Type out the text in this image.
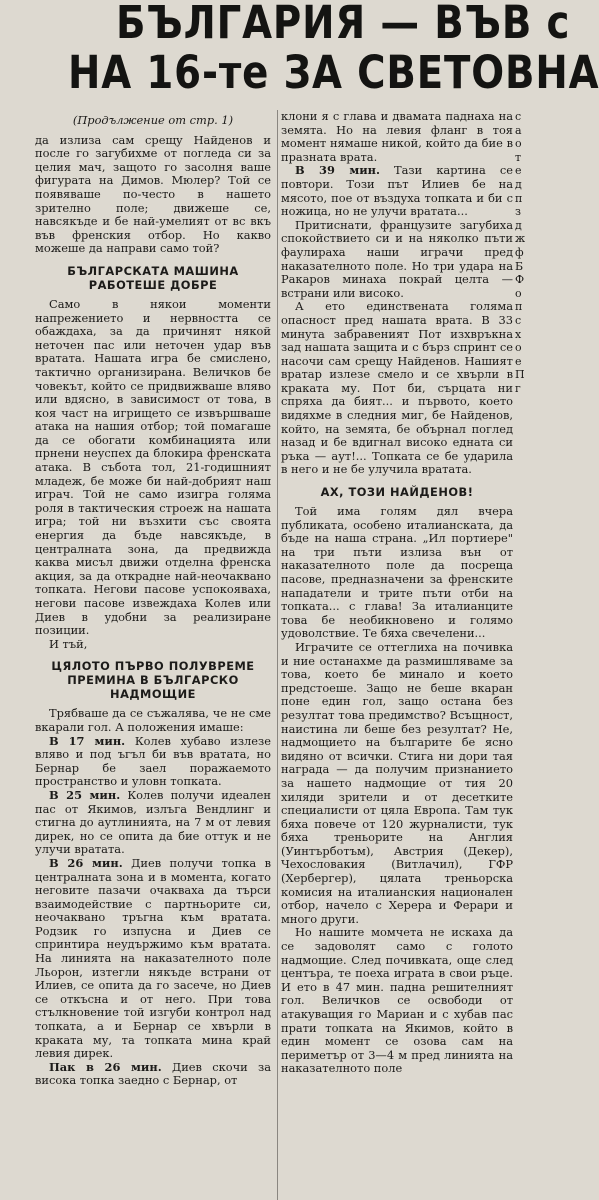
БЪЛГАРИЯ — ВЪВ с
НА 16-те ЗА СВЕТОВНА
(Продължение от стр. 1)

да излиза сам срещу Найденов и после го загубихме от погледа си за целия мач, защото го засолня ваше фигурата на Димов. Мюлер? Той се появяваше по-често в нашето зрително поле; движеше се, навсякъде и бе най-умелият от вс вкъ във френския отбор. Но какво можеше да направи само той?

БЪЛГАРСКАТА МАШИНА РАБОТЕШЕ ДОБРЕ

Само в някои моменти напрежението и нервността се обаждаха, за да причинят някой неточен пас или неточен удар във вратата. Нашата игра бе смислено, тактично организирана. Величков бе човекът, който се придвижваше вляво или вдясно, в зависимост от това, в коя част на игрището се извършваше атака на нашия отбор; той помагаше да се обогати комбинацията или прнени неуспех да блокира френската атака. В събота тол, 21-годишният младеж, бе може би най-добрият наш играч. Той не само изигра голяма роля в тактическия строеж на нашата игра; той ни възхити със своята енергия да бъде навсякъде, в централната зона, да предвижда каква мисъл движи отделна френска акция, за да открадне най-неочаквано топката. Негови пасове успокояваха, негови пасове извеждаха Колев или Диев в удобни за реализиране позиции.

И тъй,

ЦЯЛОТО ПЪРВО ПОЛУВРЕМЕ ПРЕМИНА В БЪЛГАРСКО НАДМОЩИЕ

Трябваше да се съжалява, че не сме вкарали гол. А положения имаше:

В 17 мин. Колев хубаво излезе вляво и под ъгъл би във вратата, но Бернар бе заел поражаемото пространство и уловн топката.

В 25 мин. Колев получи идеален пас от Якимов, излъга Вендлинг и стигна до аутлинията, на 7 м от левия дирек, но се опита да бие оттук и не улучи вратата.

В 26 мин. Диев получи топка в централната зона и в момента, когато неговите пазачи очакваха да търси взаимодействие с партньорите си, неочаквано тръгна към вратата. Родзик го изпусна и Диев се спринтира неудържимо към вратата. На линията на наказателното поле Льорон, изтегли някъде встрани от Илиев, се опита да го засече, но Диев се откъсна и от него. При това стълкновение той изгуби контрол над топката, а и Бернар се хвърли в краката му, та топката мина край левия дирек.

Пак в 26 мин. Диев скочи за висока топка заедно с Бернар, от

клони я с глава и двамата паднаха на земята. Но на левия фланг в тоя момент нямаше никой, който да бие в празната врата.

В 39 мин. Тази картина се повтори. Този път Илиев бе на мясото, пое от въздуха топката и би с ножица, но не улучи вратата...

Притиснати, французите загубиха спокойствието си и на няколко пъти фаулираха наши играчи пред наказателното поле. Но три удара на Ракаров минаха покрай целта — встрани или високо.

А ето единствената голяма опасност пред нашата врата. В 33 минута забравеният Пот изхвръкна зад нашата защита и с бърз спринт се насочи сам срещу Найденов. Нашият вратар излезе смело и се хвърли в краката му. Пот би, сърцата ни спряха да бият... и първото, което видяхме в следния миг, бе Найденов, който, на земята, бе обърнал поглед назад и бе вдигнал високо едната си ръка — аут!... Топката се бе ударила в него и не бе улучила вратата.

АХ, ТОЗИ НАЙДЕНОВ!

Той има голям дял вчера публиката, особено италианската, да бъде на наша страна. „Ил портиере" на три пъти излиза вън от наказателното поле да посреща пасове, предназначени за френските нападатели и трите пъти отби на топката... с глава! За италианците това бе необикновено и голямо удоволствие. Те бяха свечелени...

Играчите се оттеглиха на почивка и ние останахме да размишляваме за това, което бе минало и което предстоеше. Защо не беше вкаран поне един гол, защо остана без резултат това предимство? Всъщност, наистина ли беше без резултат? Не, надмощието на българите бе ясно видяно от всички. Стига ни дори тая награда — да получим признанието за нашето надмощие от тия 20 хиляди зрители и от десетките специалисти от цяла Европа. Там тук бяха повече от 120 журналисти, тук бяха треньорите на Англия (Уинтърботъм), Австрия (Декер), Чехословакия (Витлачил), ГФР (Хербергер), цялата треньорска комисия на италианския национален отбор, начело с Херера и Ферари и много други.

Но нашите момчета не искаха да се задоволят само с голото надмощие. След почивката, още след центъра, те поеха играта в свои ръце. И ето в 47 мин. падна решителният гол. Величков се освободи от атакуващия го Мариан и с хубав пас прати топката на Якимов, който в един момент се озова сам на периметър от 3—4 м пред линията на наказателното поле

с
а
о
т
е
д
п
з
д
ж
ф
Б
Ф
о
п
с
х
о
е
П
г
